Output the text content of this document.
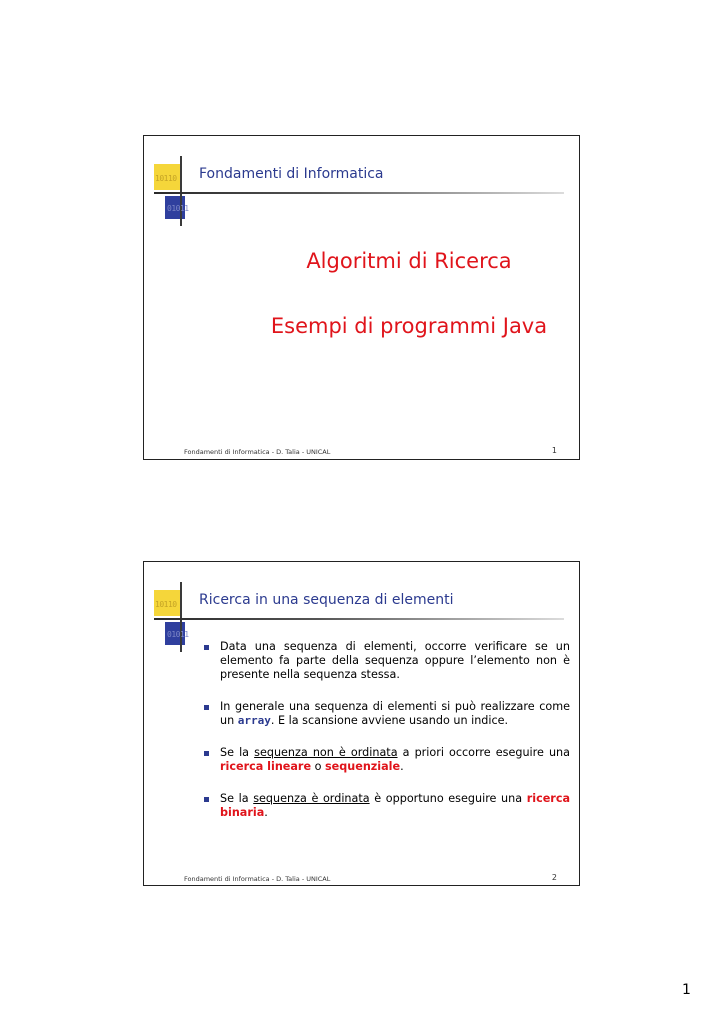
10110
01011
Fondamenti di Informatica
Algoritmi di Ricerca
Esempi di programmi Java
Fondamenti di Informatica - D. Talia - UNICAL	1
10110
01011
Ricerca in una sequenza di elementi
Data una sequenza di elementi, occorre verificare se un elemento fa parte della sequenza oppure l’elemento non è presente nella sequenza stessa.
In generale una sequenza di elementi si può realizzare come un array. E la scansione avviene usando un indice.
Se la sequenza non è ordinata a priori occorre eseguire una ricerca lineare o sequenziale.
Se la sequenza è ordinata è opportuno eseguire una ricerca binaria.
Fondamenti di Informatica - D. Talia - UNICAL	2
1
